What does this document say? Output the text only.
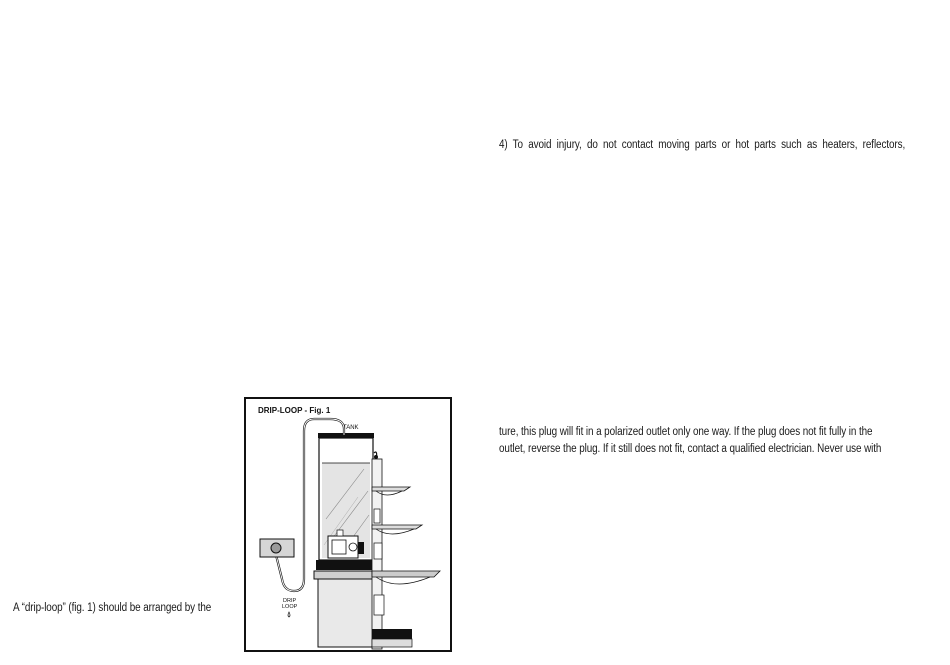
4) To avoid injury, do not contact moving parts or hot parts such as heaters, reflectors,
ture, this plug will fit in a polarized outlet only one way. If the plug does not fit fully in the
outlet, reverse the plug. If it still does not fit, contact a qualified electrician. Never use with
A “drip-loop” (fig. 1) should be arranged by the
DRIP-LOOP - Fig. 1
TANK
DRIP
LOOP
